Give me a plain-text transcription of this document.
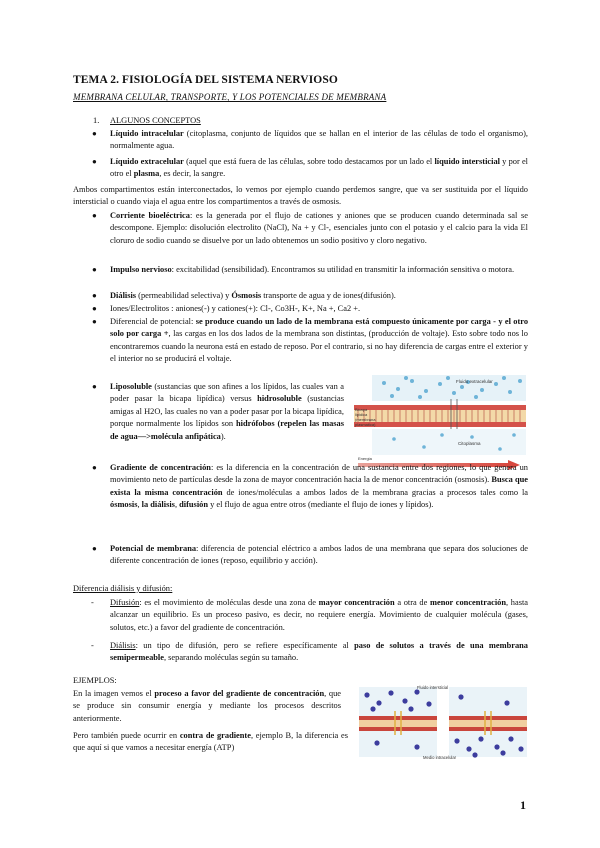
TEMA 2. FISIOLOGÍA DEL SISTEMA NERVIOSO
MEMBRANA CELULAR, TRANSPORTE, Y LOS POTENCIALES DE MEMBRANA
1. ALGUNOS CONCEPTOS
● Líquido intracelular (citoplasma, conjunto de líquidos que se hallan en el interior de las células de todo el organismo), normalmente agua.
● Líquido extracelular (aquel que está fuera de las células, sobre todo destacamos por un lado el líquido intersticial y por el otro el plasma, es decir, la sangre.
Ambos compartimentos están interconectados, lo vemos por ejemplo cuando perdemos sangre, que va ser sustituida por el líquido intersticial o cuando viaja el agua entre los compartimentos a través de osmosis.
● Corriente bioeléctrica: es la generada por el flujo de cationes y aniones que se producen cuando determinada sal se descompone. Ejemplo: disolución electrolito (NaCl), Na + y Cl-, esenciales junto con el potasio y el calcio para la vida El cloruro de sodio cuando se disuelve por un lado obtenemos un sodio positivo y cloro negativo.
● Impulso nervioso: excitabilidad (sensibilidad). Encontramos su utilidad en transmitir la información sensitiva o motora.
● Diálisis (permeabilidad selectiva) y Ósmosis transporte de agua y de iones(difusión).
● Iones/Electrolitos : aniones(-) y cationes(+): Cl-, Co3H-, K+, Na +, Ca2 +.
● Diferencial de potencial: se produce cuando un lado de la membrana está compuesto únicamente por carga - y el otro solo por carga +, las cargas en los dos lados de la membrana son distintas, (producción de voltaje). Esto sobre todo nos lo encontraremos cuando la neurona está en estado de reposo. Por el contrario, si no hay diferencia de cargas entre el exterior y el interior no se producirá el voltaje.
● Liposoluble (sustancias que son afines a los lípidos, las cuales van a poder pasar la bicapa lipídica) versus hidrosoluble (sustancias amigas al H2O, las cuales no van a poder pasar por la bicapa lipídica, porque normalmente los lípidos son hidrófobos (repelen las masas de agua—>molécula anfipática).
Fluido extracelular
Citoplasma
Bicapa
lipidica
(membrana
plasmatica)
Energia
● Gradiente de concentración: es la diferencia en la concentración de una sustancia entre dos regiones, lo que genera un movimiento neto de partículas desde la zona de mayor concentración hacia la de menor concentración (osmosis). Busca que exista la misma concentración de iones/moléculas a ambos lados de la membrana gracias a procesos tales como la ósmosis, la diálisis, difusión y el flujo de agua entre otros (mediante el flujo de iones y lípidos).
● Potencial de membrana: diferencia de potencial eléctrico a ambos lados de una membrana que separa dos soluciones de diferente concentración de iones (reposo, equilibrio y acción).
Diferencia diálisis y difusión:
- Difusión: es el movimiento de moléculas desde una zona de mayor concentración a otra de menor concentración, hasta alcanzar un equilibrio. Es un proceso pasivo, es decir, no requiere energía. Movimiento de cualquier molécula (gases, solutos, etc.) a favor del gradiente de concentración.
- Diálisis: un tipo de difusión, pero se refiere específicamente al paso de solutos a través de una membrana semipermeable, separando moléculas según su tamaño.
EJEMPLOS:
En la imagen vemos el proceso a favor del gradiente de concentración, que se produce sin consumir energía y mediante los procesos descritos anteriormente.
Pero también puede ocurrir en contra de gradiente, ejemplo B, la diferencia es que aquí si que vamos a necesitar energía (ATP)
Fluido intersticial
Medio intracelular
1
